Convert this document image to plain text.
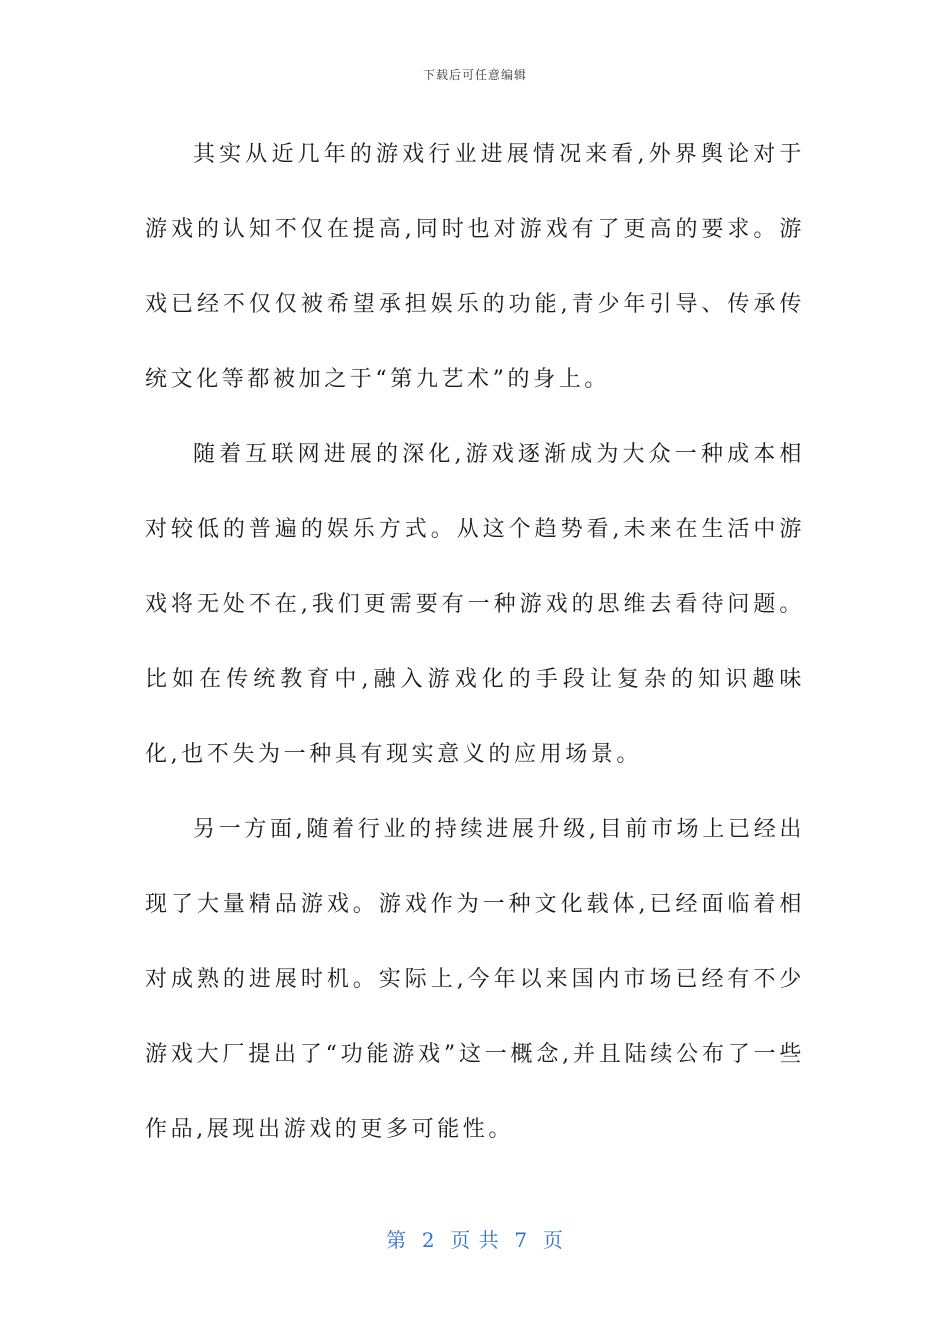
下载后可任意编辑

其实从近几年的游戏行业进展情况来看,外界舆论对于游戏的认知不仅在提高,同时也对游戏有了更高的要求。游戏已经不仅仅被希望承担娱乐的功能,青少年引导、传承传统文化等都被加之于“第九艺术”的身上。

随着互联网进展的深化,游戏逐渐成为大众一种成本相对较低的普遍的娱乐方式。从这个趋势看,未来在生活中游戏将无处不在,我们更需要有一种游戏的思维去看待问题。比如在传统教育中,融入游戏化的手段让复杂的知识趣味化,也不失为一种具有现实意义的应用场景。

另一方面,随着行业的持续进展升级,目前市场上已经出现了大量精品游戏。游戏作为一种文化载体,已经面临着相对成熟的进展时机。实际上,今年以来国内市场已经有不少游戏大厂提出了“功能游戏”这一概念,并且陆续公布了一些作品,展现出游戏的更多可能性。

第  2  页 共  7  页
